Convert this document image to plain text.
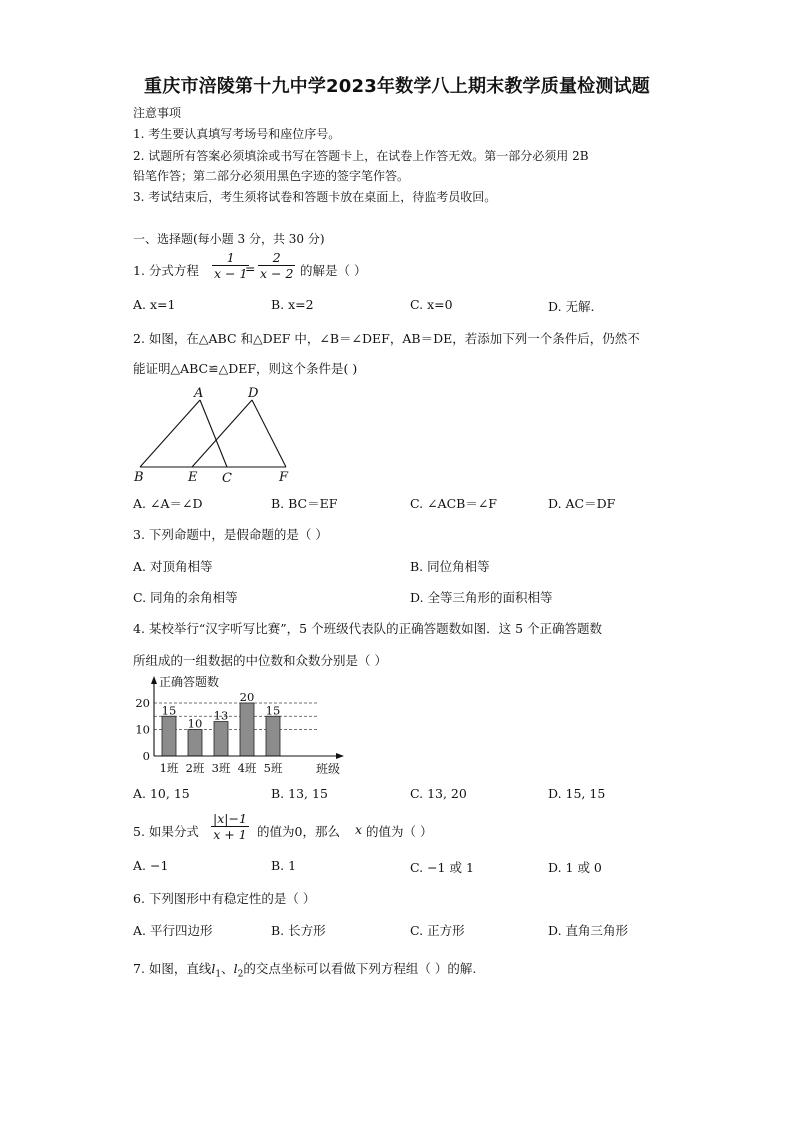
重庆市涪陵第十九中学2023年数学八上期末教学质量检测试题
注意事项
1. 考生要认真填写考场号和座位序号。
2. 试题所有答案必须填涂或书写在答题卡上，在试卷上作答无效。第一部分必须用 2B
铅笔作答；第二部分必须用黑色字迹的签字笔作答。
3. 考试结束后，考生须将试卷和答题卡放在桌面上，待监考员收回。
一、选择题(每小题 3 分，共 30 分)
1. 分式方程 $\frac{1}{x - 1}$
= $\frac{2}{x - 2}$ 的解是（ ）
A. x=1	B. x=2	C. x=0	D. 无解.
2. 如图，在△ABC 和△DEF 中，∠B＝∠DEF，AB＝DE，若添加下列一个条件后，仍然不
能证明△ABC≌△DEF，则这个条件是( )
A	D
B	E C	F
A. ∠A＝∠D	B. BC＝EF	C. ∠ACB＝∠F	D. AC＝DF
3. 下列命题中，是假命题的是（ ）
A. 对顶角相等	B. 同位角相等
C. 同角的余角相等	D. 全等三角形的面积相等
4. 某校举行“汉字听写比赛”，5 个班级代表队的正确答题数如图．这 5 个正确答题数
所组成的一组数据的中位数和众数分别是（ ）
正确答题数
班级
0
10
20
15
1班
10
2班
13
3班
20
4班
15
5班
A. 10, 15	B. 13, 15	C. 13, 20	D. 15, 15
5. 如果分式 $\frac{|x|-1}{x + 1}$ 的值为0，那么 x 的值为（ ）
A. −1	B. 1	C. −1 或 1	D. 1 或 0
6. 下列图形中有稳定性的是（ ）
A. 平行四边形	B. 长方形	C. 正方形	D. 直角三角形
7. 如图，直线$l_1$、$l_2$的交点坐标可以看做下列方程组（ ）的解.
